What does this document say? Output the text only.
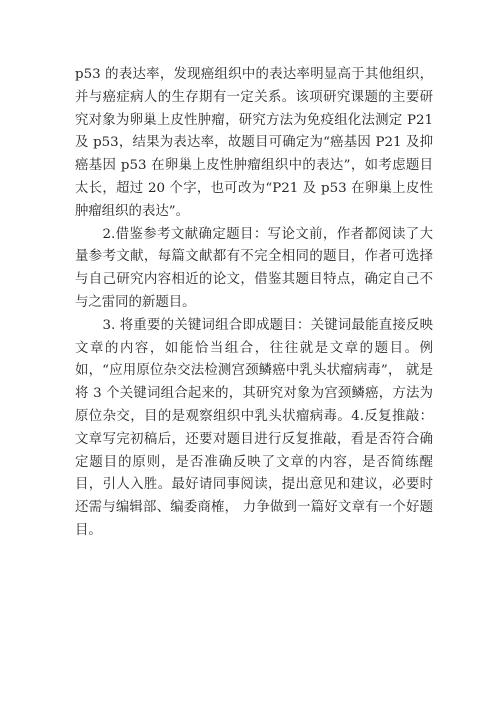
p53 的表达率，发现癌组织中的表达率明显高于其他组织，并与癌症病人的生存期有一定关系。该项研究课题的主要研究对象为卵巢上皮性肿瘤，研究方法为免疫组化法测定 P21及 p53，结果为表达率，故题目可确定为“癌基因 P21 及抑癌基因 p53 在卵巢上皮性肿瘤组织中的表达”，如考虑题目太长，超过 20 个字，也可改为“P21 及 p53 在卵巢上皮性肿瘤组织的表达”。

2.借鉴参考文献确定题目：写论文前，作者都阅读了大量参考文献，每篇文献都有不完全相同的题目，作者可选择与自己研究内容相近的论文，借鉴其题目特点，确定自己不与之雷同的新题目。

3. 将重要的关键词组合即成题目：关键词最能直接反映文章的内容，如能恰当组合，往往就是文章的题目。例如，“应用原位杂交法检测宫颈鳞癌中乳头状瘤病毒”， 就是将 3 个关键词组合起来的，其研究对象为宫颈鳞癌，方法为原位杂交，目的是观察组织中乳头状瘤病毒。4.反复推敲：文章写完初稿后，还要对题目进行反复推敲，看是否符合确定题目的原则，是否准确反映了文章的内容，是否简练醒目，引人入胜。最好请同事阅读，提出意见和建议，必要时还需与编辑部、编委商榷， 力争做到一篇好文章有一个好题目。
